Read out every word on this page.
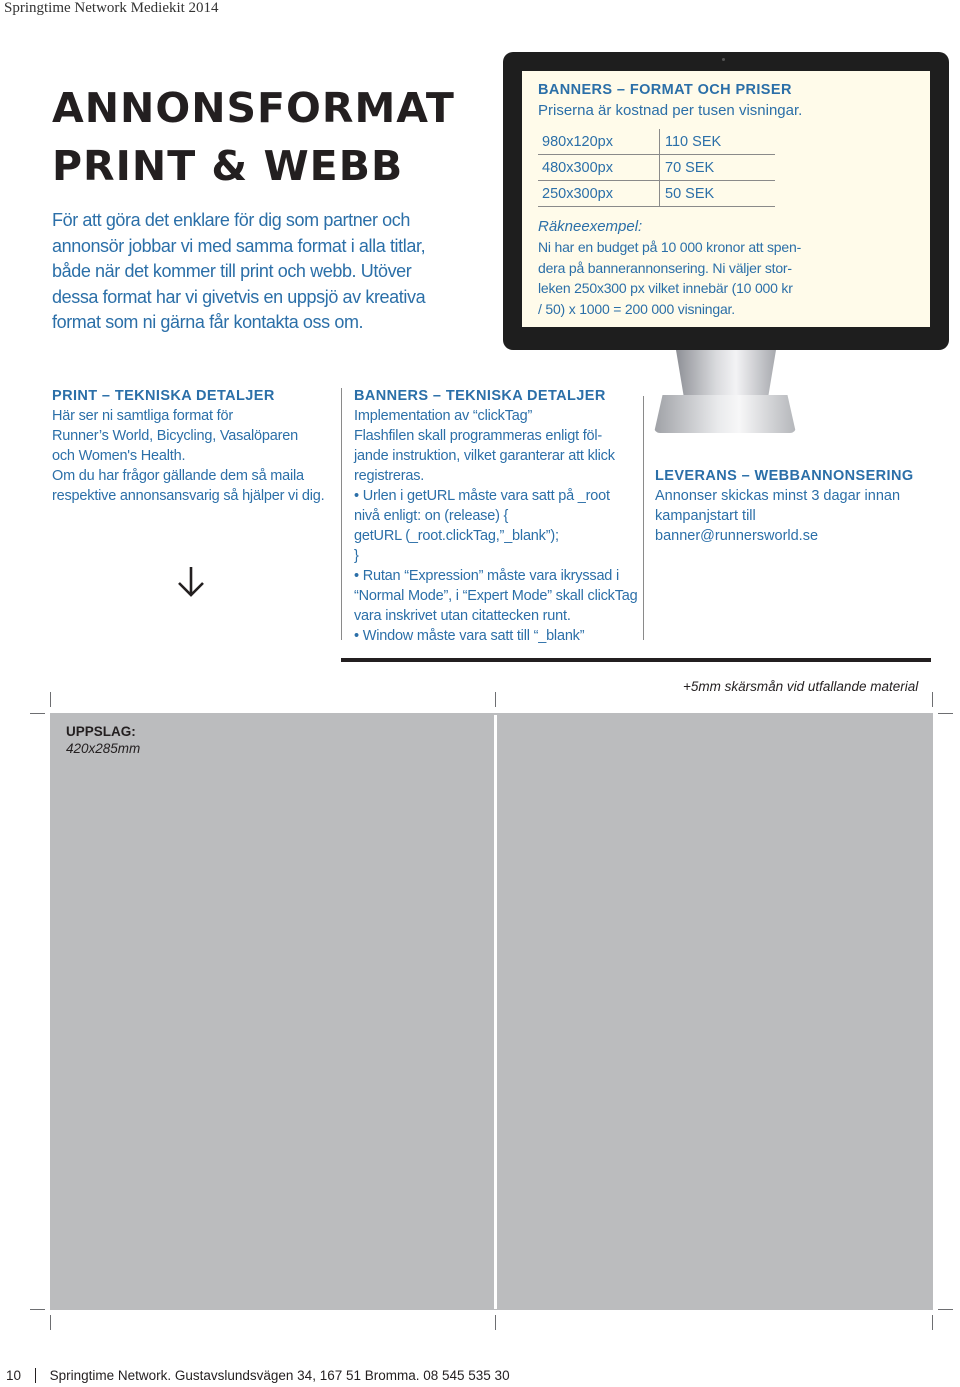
Springtime Network Mediekit 2014
ANNONSFORMAT
PRINT & WEBB

För att göra det enklare för dig som partner och
annonsör jobbar vi med samma format i alla titlar,
både när det kommer till print och webb. Utöver
dessa format har vi givetvis en uppsjö av kreativa
format som ni gärna får kontakta oss om.

BANNERS – FORMAT OCH PRISER
Priserna är kostnad per tusen visningar.
980x120px	110 SEK
480x300px	70 SEK
250x300px	50 SEK
Räkneexempel:

Ni har en budget på 10 000 kronor att spen-
dera på bannerannonsering. Ni väljer stor-
leken 250x300 px vilket innebär (10 000 kr
/ 50) x 1000 = 200 000 visningar.

PRINT – TEKNISKA DETALJER
Här ser ni samtliga format för
Runner’s World, Bicycling, Vasalöparen
och Women's Health.
Om du har frågor gällande dem så maila
respektive annonsansvarig så hjälper vi dig.
BANNERS – TEKNISKA DETALJER
Implementation av “clickTag”
Flashfilen skall programmeras enligt föl-
jande instruktion, vilket garanterar att klick
registreras.
• Urlen i getURL måste vara satt på _root
nivå enligt: on (release) {
getURL (_root.clickTag,”_blank”);
}
• Rutan “Expression” måste vara ikryssad i
“Normal Mode”, i “Expert Mode” skall clickTag
vara inskrivet utan citattecken runt.
• Window måste vara satt till “_blank”
LEVERANS – WEBBANNONSERING
Annonser skickas minst 3 dagar innan
kampanjstart till
banner@runnersworld.se
+5mm skärsmån vid utfallande material
UPPSLAG:
420x285mm
10 Springtime Network. Gustavslundsvägen 34, 167 51 Bromma. 08 545 535 30
